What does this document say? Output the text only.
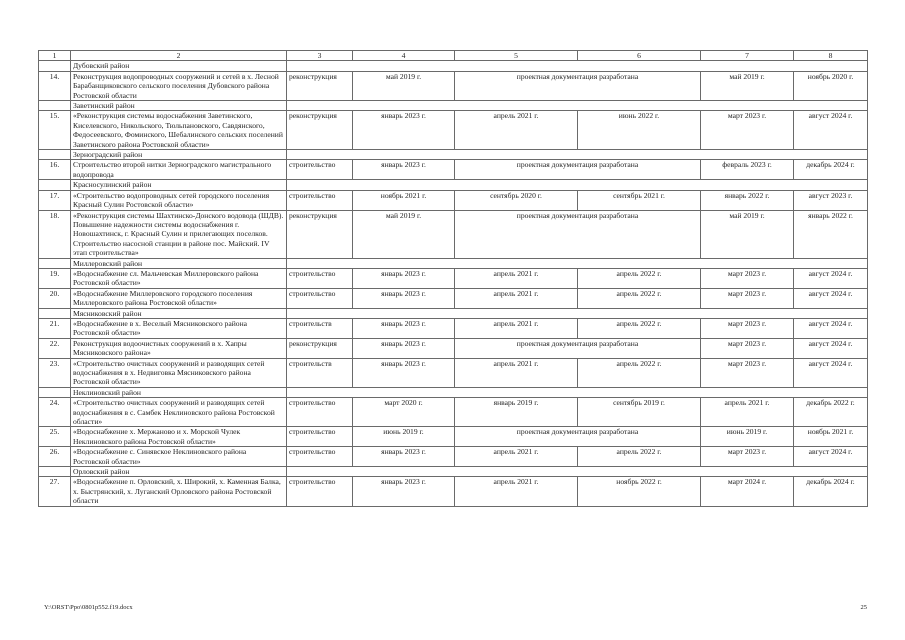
1	2	3	4	5	6	7	8
	Дубовский район						
14.	Реконструкция водопроводных сооружений и сетей в х. Лесной Барабанщиковского сельского поселения Дубовского района Ростовской области	реконструкция	май 2019 г.	проектная документация разработана		май 2019 г.	ноябрь 2020 г.
	Заветинский район						
15.	«Реконструкция системы водоснабжения Заветинского, Киселевского, Никольского, Тюльпановского, Савдянского, Федосеевского, Фоминского, Шебалинского сельских поселений Заветинского района Ростовской области»	реконструкция	январь 2023 г.	апрель 2021 г.	июнь 2022 г.	март 2023 г.	август 2024 г.
	Зерноградский район						
16.	Строительство второй нитки Зерноградского магистрального водопровода	строительство	январь 2023 г.	проектная документация разработана		февраль 2023 г.	декабрь 2024 г.
	Красносулинский район						
17.	«Строительство водопроводных сетей городского поселения Красный Сулин Ростовской области»	строительство	ноябрь 2021 г.	сентябрь 2020 г.	сентябрь 2021 г.	январь 2022 г.	август 2023 г.
18.	«Реконструкция системы Шахтинско-Донского водовода (ШДВ). Повышение надежности системы водоснабжения г. Новошахтинск, г. Красный Сулин и прилегающих поселков. Строительство насосной станции в районе пос. Майский. IV этап строительства»	реконструкция	май 2019 г.	проектная документация разработана		май 2019 г.	январь 2022 г.
	Миллеровский район						
19.	«Водоснабжение сл. Мальчевская Миллеровского района Ростовской области»	строительство	январь 2023 г.	апрель 2021 г.	апрель 2022 г.	март 2023 г.	август 2024 г.
20.	«Водоснабжение Миллеровского городского поселения Миллеровского района Ростовской области»	строительство	январь 2023 г.	апрель 2021 г.	апрель 2022 г.	март 2023 г.	август 2024 г.
	Мясниковский район						
21.	«Водоснабжение в х. Веселый Мясниковского района Ростовской области»	строительств	январь 2023 г.	апрель 2021 г.	апрель 2022 г.	март 2023 г.	август 2024 г.
22.	Реконструкция водоочистных сооружений в х. Хапры Мясниковского района»	реконструкция	январь 2023 г.	проектная документация разработана		март 2023 г.	август 2024 г.
23.	«Строительство очистных сооружений и разводящих сетей водоснабжения в х. Недвиговка Мясниковского района Ростовской области»	строительств	январь 2023 г.	апрель 2021 г.	апрель 2022 г.	март 2023 г.	август 2024 г.
	Неклиновский район						
24.	«Строительство очистных сооружений и разводящих сетей водоснабжения в с. Самбек Неклиновского района Ростовской области»	строительство	март 2020 г.	январь 2019 г.	сентябрь 2019 г.	апрель 2021 г.	декабрь 2022 г.
25.	«Водоснабжение х. Мержаново и х. Морской Чулек Неклиновского района Ростовской области»	строительство	июнь 2019 г.	проектная документация разработана		июнь 2019 г.	ноябрь 2021 г.
26.	«Водоснабжение с. Синявское Неклиновского района Ростовской области»	строительство	январь 2023 г.	апрель 2021 г.	апрель 2022 г.	март 2023 г.	август 2024 г.
	Орловский район						
27.	«Водоснабжение п. Орловский, х. Широкий, х. Каменная Балка, х. Быстрянский, х. Луганский Орловского района Ростовской области	строительство	январь 2023 г.	апрель 2021 г.	ноябрь 2022 г.	март 2024 г.	декабрь 2024 г.
Y:\ORST\Ppo\0801p552.f19.docx	25
